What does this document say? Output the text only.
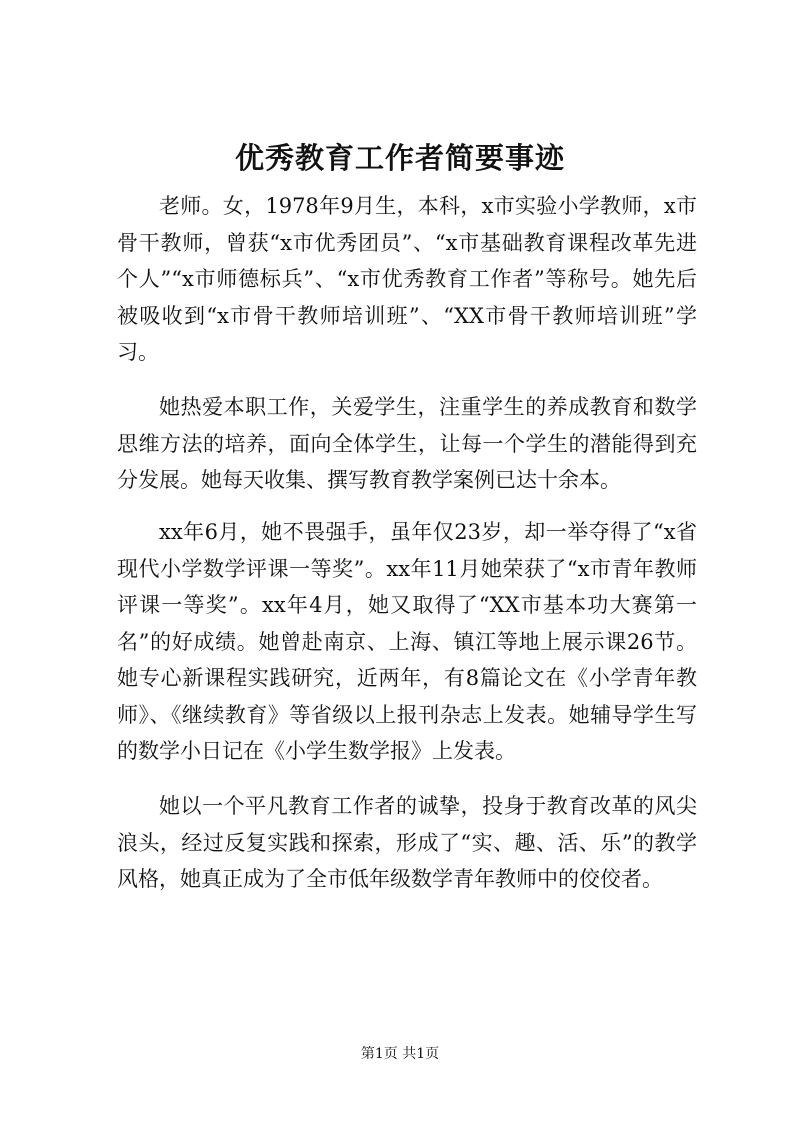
优秀教育工作者简要事迹

老师。女，1978年9月生，本科，x市实验小学教师，x市骨干教师，曾获“x市优秀团员”、“x市基础教育课程改革先进个人”“x市师德标兵”、“x市优秀教育工作者”等称号。她先后被吸收到“x市骨干教师培训班”、“XX市骨干教师培训班”学习。

她热爱本职工作，关爱学生，注重学生的养成教育和数学思维方法的培养，面向全体学生，让每一个学生的潜能得到充分发展。她每天收集、撰写教育教学案例已达十余本。

xx年6月，她不畏强手，虽年仅23岁，却一举夺得了“x省现代小学数学评课一等奖”。xx年11月她荣获了“x市青年教师评课一等奖”。xx年4月，她又取得了“XX市基本功大赛第一名”的好成绩。她曾赴南京、上海、镇江等地上展示课26节。她专心新课程实践研究，近两年，有8篇论文在《小学青年教师》、《继续教育》等省级以上报刊杂志上发表。她辅导学生写的数学小日记在《小学生数学报》上发表。

她以一个平凡教育工作者的诚挚，投身于教育改革的风尖浪头，经过反复实践和探索，形成了“实、趣、活、乐”的教学风格，她真正成为了全市低年级数学青年教师中的佼佼者。

第1页 共1页
